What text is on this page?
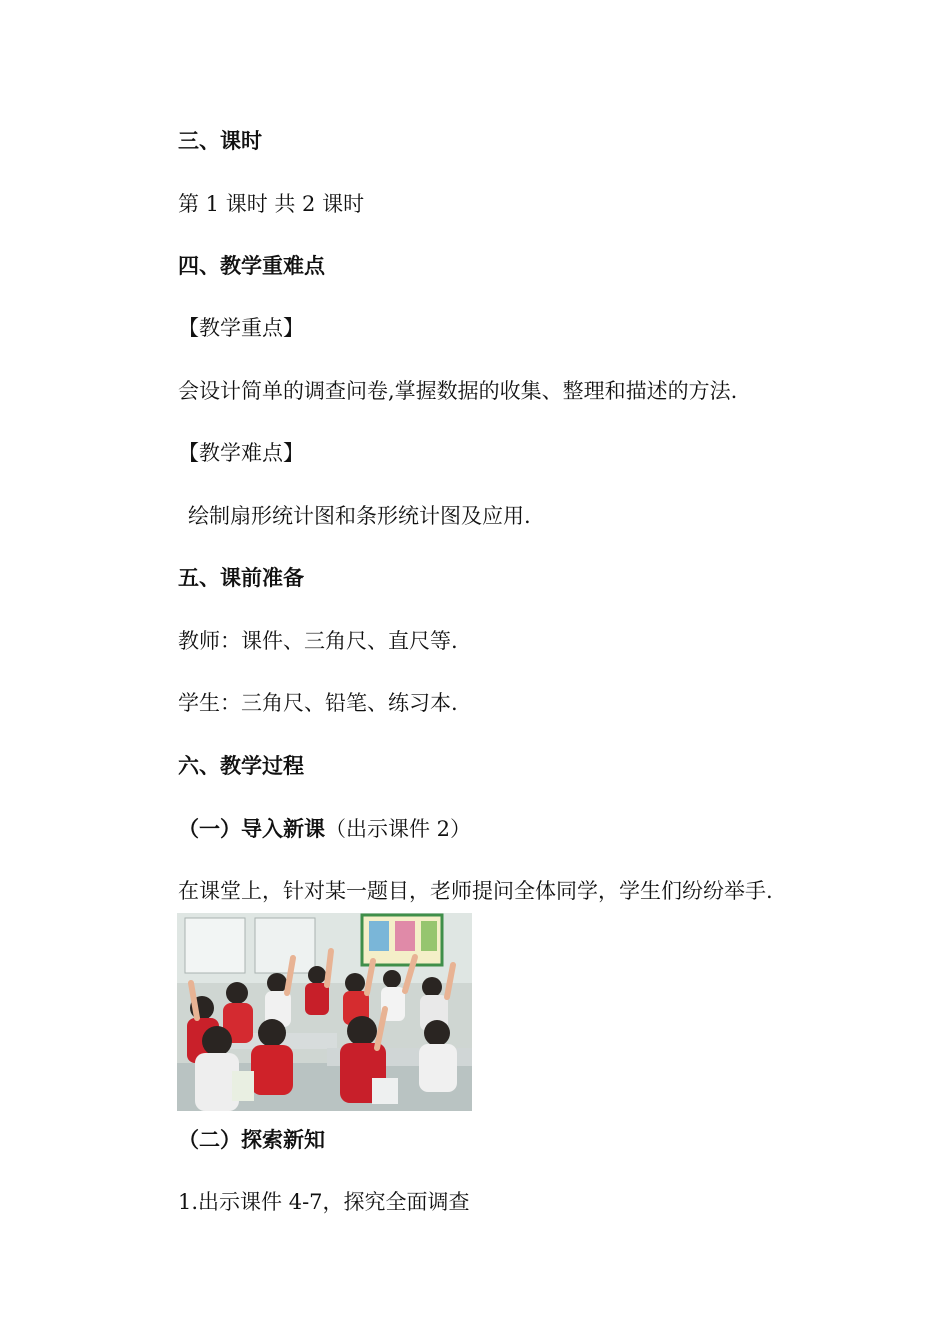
三、课时
第 1 课时 共 2 课时
四、教学重难点
【教学重点】
会设计简单的调查问卷,掌握数据的收集、整理和描述的方法.
【教学难点】
绘制扇形统计图和条形统计图及应用.
五、课前准备
教师：课件、三角尺、直尺等.
学生：三角尺、铅笔、练习本.
六、教学过程
（一）导入新课（出示课件 2）
在课堂上，针对某一题目，老师提问全体同学，学生们纷纷举手.
（二）探索新知
1.出示课件 4-7，探究全面调查
